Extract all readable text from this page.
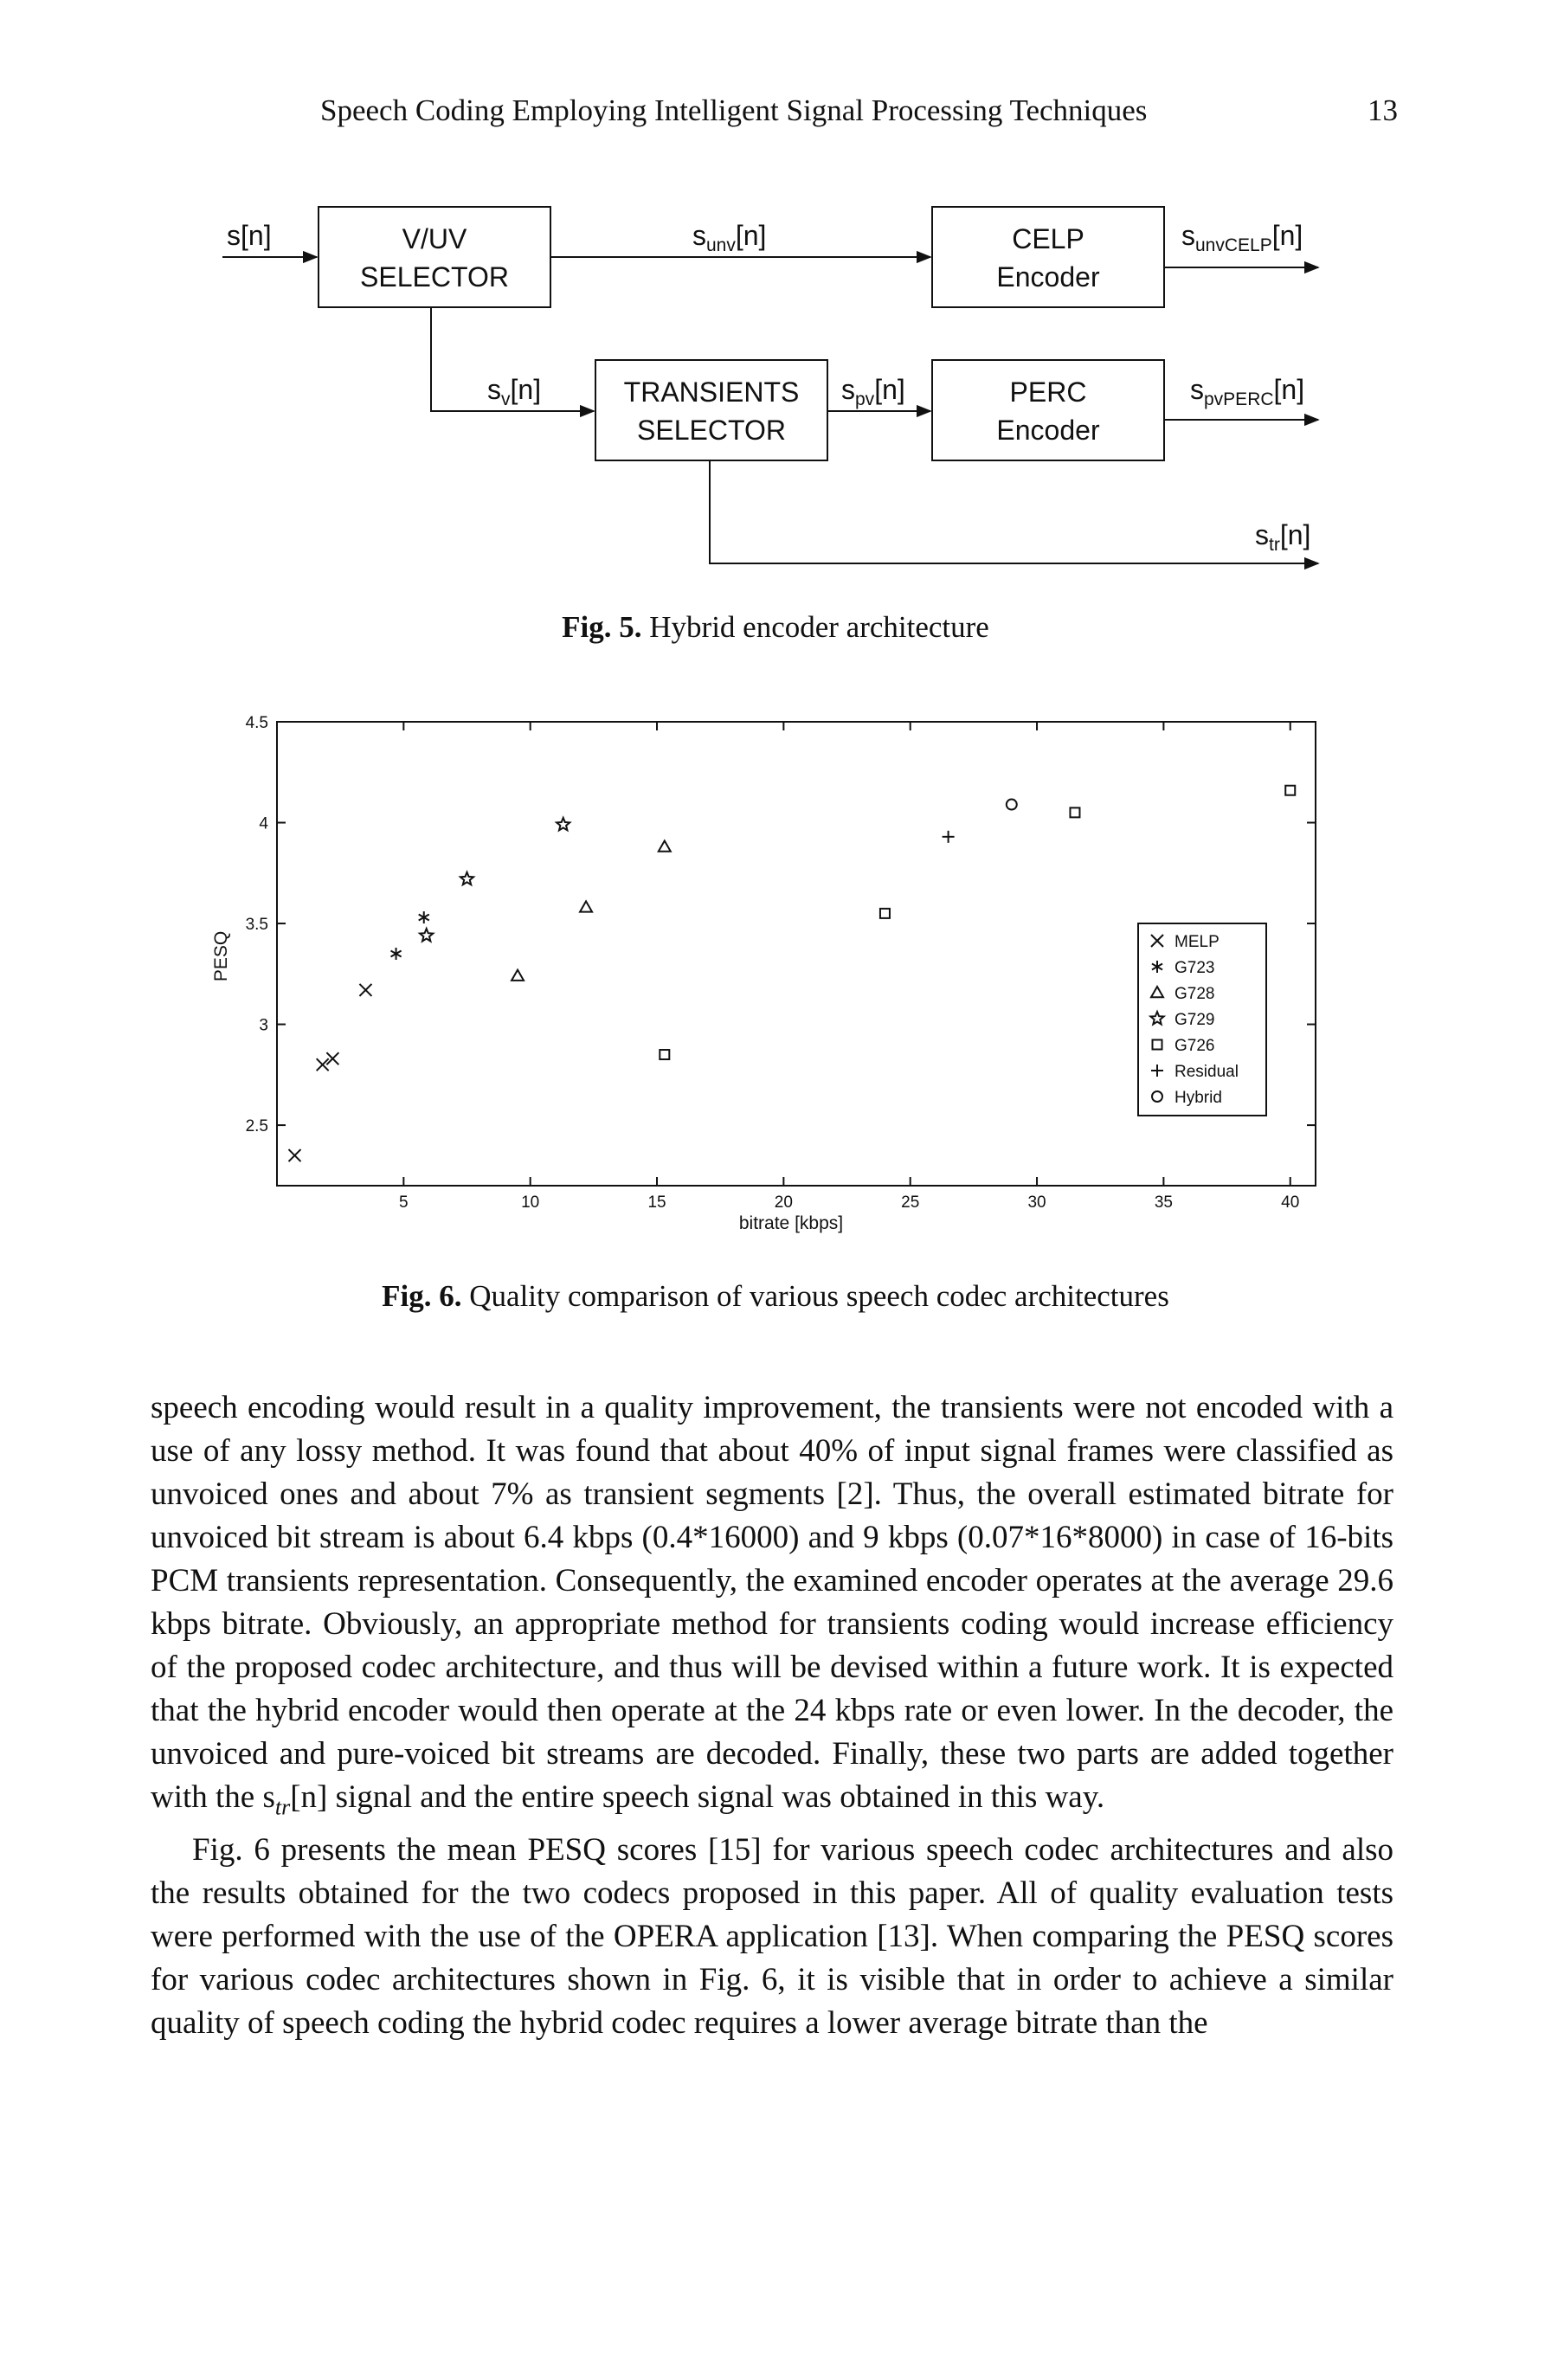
Speech Coding Employing Intelligent Signal Processing Techniques	13
s[n]	V/UV
SELECTOR
CELP
Encoder
TRANSIENTS
SELECTOR
PERC
Encoder
$s_{unv}[n]$	$s_{unvCELP}[n]$
$s_v[n]$	$s_{pv}[n]$	$s_{pvPERC}[n]$
$s_{tr}[n]$
Fig. 5. Hybrid encoder architecture
5	10	15	20	25	30	35	40
2.5
3
3.5
4
4.5
bitrate [kbps]
PESQ	MELP
G723
G728
G729
G726
Residual
Hybrid
Fig. 6. Quality comparison of various speech codec architectures

speech encoding would result in a quality improvement, the transients were not encoded with a use of any lossy method. It was found that about 40% of input signal frames were classified as unvoiced ones and about 7% as transient segments [2]. Thus, the overall estimated bitrate for unvoiced bit stream is about 6.4 kbps (0.4*16000) and 9 kbps (0.07*16*8000) in case of 16-bits PCM transients representation. Consequently, the examined encoder operates at the average 29.6 kbps bitrate. Obviously, an appropriate method for transients coding would increase efficiency of the proposed codec architecture, and thus will be devised within a future work. It is expected that the hybrid encoder would then operate at the 24 kbps rate or even lower. In the decoder, the unvoiced and pure-voiced bit streams are decoded. Finally, these two parts are added together with the $s_{tr}[n]$ signal and the entire speech signal was obtained in this way.

Fig. 6 presents the mean PESQ scores [15] for various speech codec architectures and also the results obtained for the two codecs proposed in this paper. All of quality evaluation tests were performed with the use of the OPERA application [13]. When comparing the PESQ scores for various codec architectures shown in Fig. 6, it is visible that in order to achieve a similar quality of speech coding the hybrid codec requires a lower average bitrate than the
